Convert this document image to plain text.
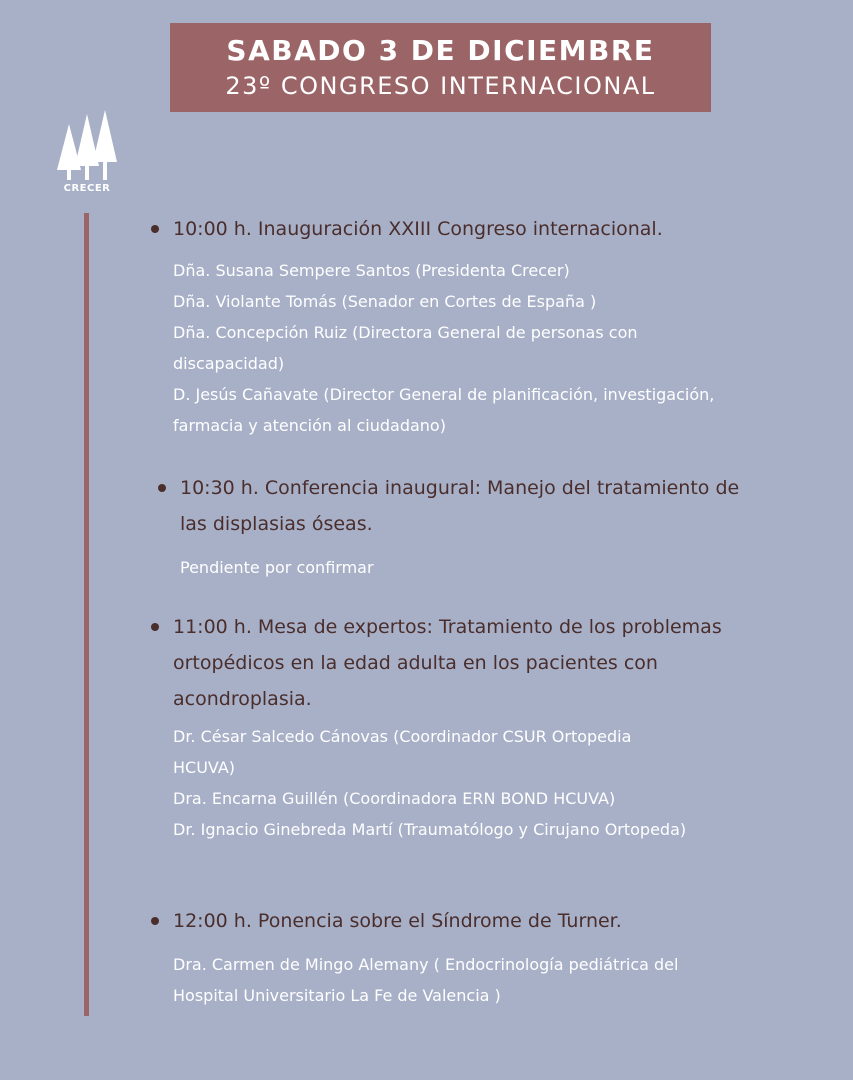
SABADO 3 DE DICIEMBRE
23º CONGRESO INTERNACIONAL
CRECER
10:00 h. Inauguración XXIII Congreso internacional.
Dña. Susana Sempere Santos (Presidenta Crecer)
Dña. Violante Tomás (Senador en Cortes de España )
Dña. Concepción Ruiz (Directora General de personas con
discapacidad)
D. Jesús Cañavate (Director General de planificación, investigación,
farmacia y atención al ciudadano)
10:30 h. Conferencia inaugural: Manejo del tratamiento de
las displasias óseas.
Pendiente por confirmar
11:00 h. Mesa de expertos: Tratamiento de los problemas
ortopédicos en la edad adulta en los pacientes con
acondroplasia.
Dr. César Salcedo Cánovas (Coordinador CSUR Ortopedia
HCUVA)
Dra. Encarna Guillén (Coordinadora ERN BOND HCUVA)
Dr. Ignacio Ginebreda Martí (Traumatólogo y Cirujano Ortopeda)
12:00 h. Ponencia sobre el Síndrome de Turner.
Dra. Carmen de Mingo Alemany ( Endocrinología pediátrica del
Hospital Universitario La Fe de Valencia )
